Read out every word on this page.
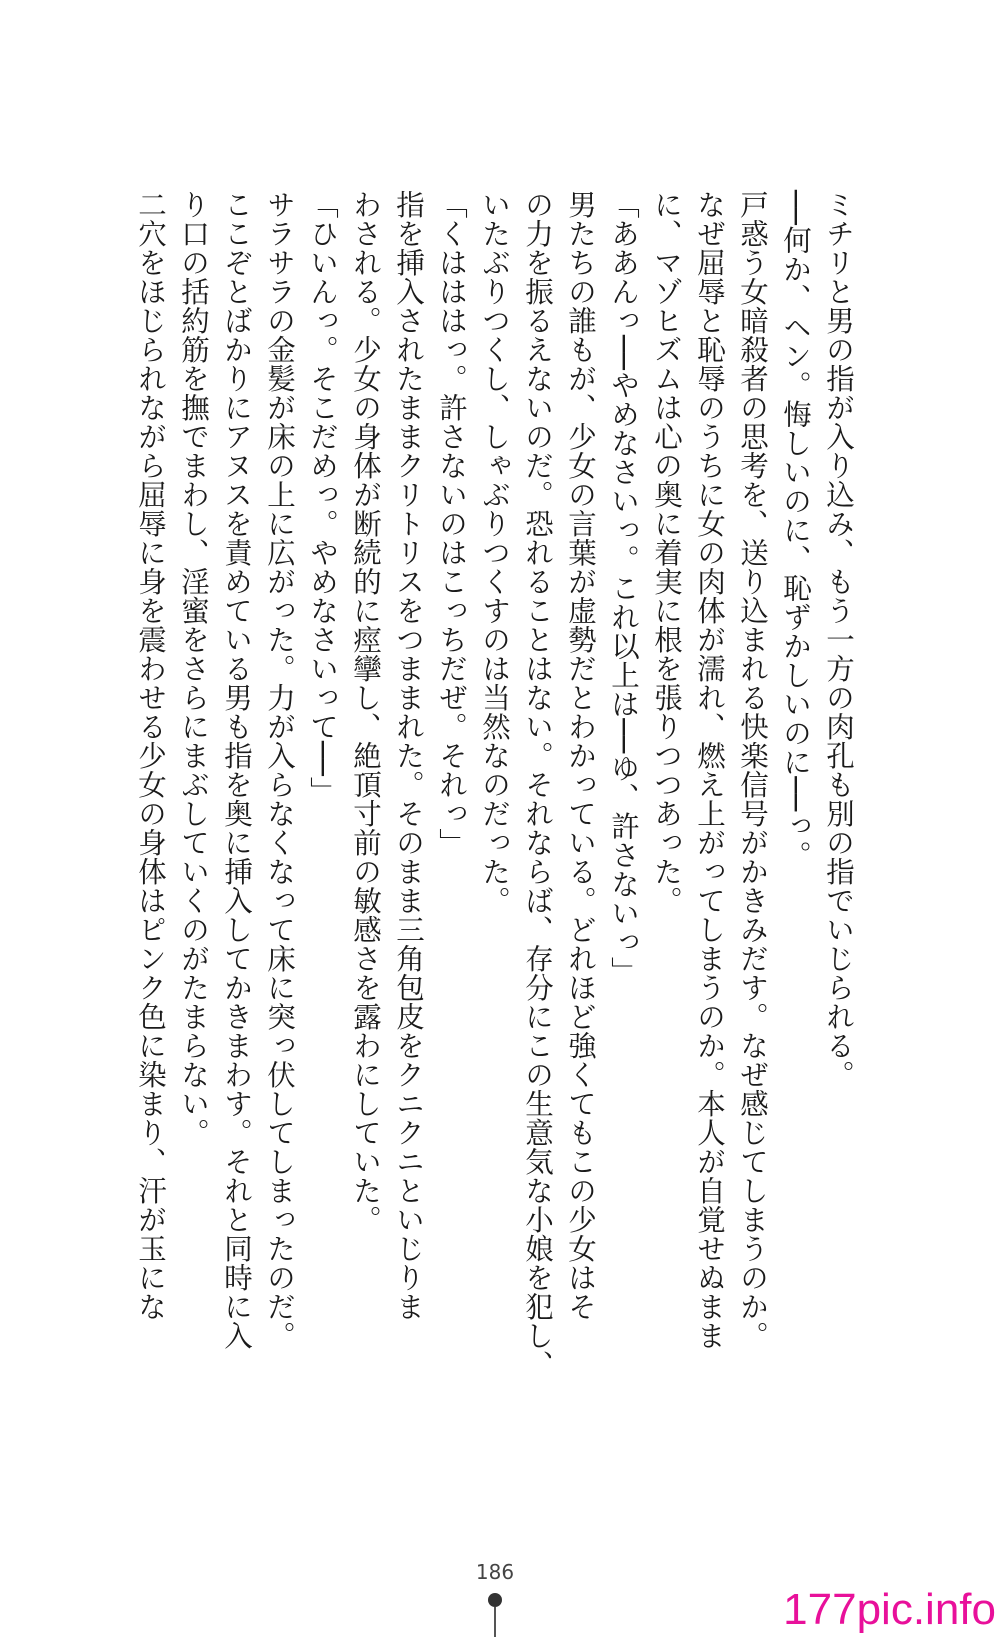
ミチリと男の指が入り込み、もう一方の肉孔も別の指でいじられる。
──何か、ヘン。悔しいのに、恥ずかしいのに──っ。
戸惑う女暗殺者の思考を、送り込まれる快楽信号がかきみだす。なぜ感じてしまうのか。
なぜ屈辱と恥辱のうちに女の肉体が濡れ、燃え上がってしまうのか。本人が自覚せぬまま
に、マゾヒズムは心の奥に着実に根を張りつつあった。
「ああんっ──やめなさいっ。これ以上は──ゆ、許さないっ」
男たちの誰もが、少女の言葉が虚勢だとわかっている。どれほど強くてもこの少女はそ
の力を振るえないのだ。恐れることはない。それならば、存分にこの生意気な小娘を犯し、
いたぶりつくし、しゃぶりつくすのは当然なのだった。
「くはははっ。許さないのはこっちだぜ。それっ」
指を挿入されたままクリトリスをつままれた。そのまま三角包皮をクニクニといじりま
わされる。少女の身体が断続的に痙攣し、絶頂寸前の敏感さを露わにしていた。
「ひいんっ。そこだめっ。やめなさいって──」
サラサラの金髪が床の上に広がった。力が入らなくなって床に突っ伏してしまったのだ。
ここぞとばかりにアヌスを責めている男も指を奥に挿入してかきまわす。それと同時に入
り口の括約筋を撫でまわし、淫蜜をさらにまぶしていくのがたまらない。
二穴をほじられながら屈辱に身を震わせる少女の身体はピンク色に染まり、汗が玉にな
186
177pic.info
